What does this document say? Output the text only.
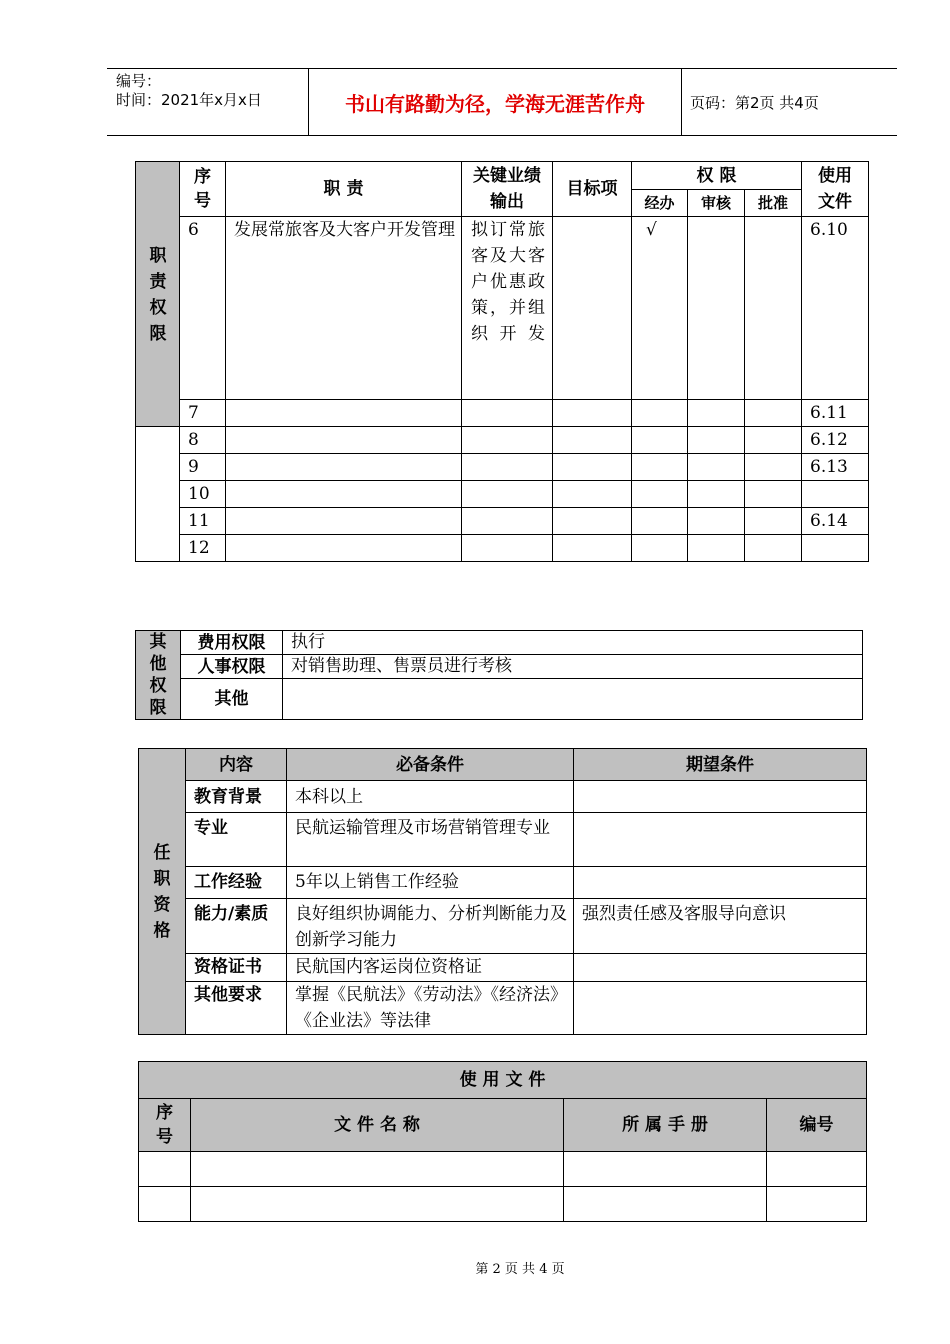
编号：
时间：2021年x月x日	书山有路勤为径，学海无涯苦作舟	页码：第2页 共4页

	序号	职 责	关键业绩输出	目标项	权 限			使用文件

					经办	审核	批准	
	6	发展常旅客及大客户开发管理	拟订常旅客及大客户优惠政策，并组织开发		√			6.10
	7							6.11
	8							6.12
	9							6.13
	10							
	11							6.14
	12							
职责权限
其他权限	费用权限	执行
	人事权限	对销售助理、售票员进行考核
	其他	
任职资格	内容	必备条件	期望条件
	教育背景	本科以上	
	专业	民航运输管理及市场营销管理专业	
	工作经验	5年以上销售工作经验	

	能力/素质	良好组织协调能力、分析判断能力及创新学习能力	强烈责任感及客服导向意识
	资格证书	民航国内客运岗位资格证	
	其他要求	掌握《民航法》《劳动法》《经济法》《企业法》等法律	
使 用 文 件			

序号	文 件 名 称	所 属 手 册	编号

第 2 页 共 4 页
